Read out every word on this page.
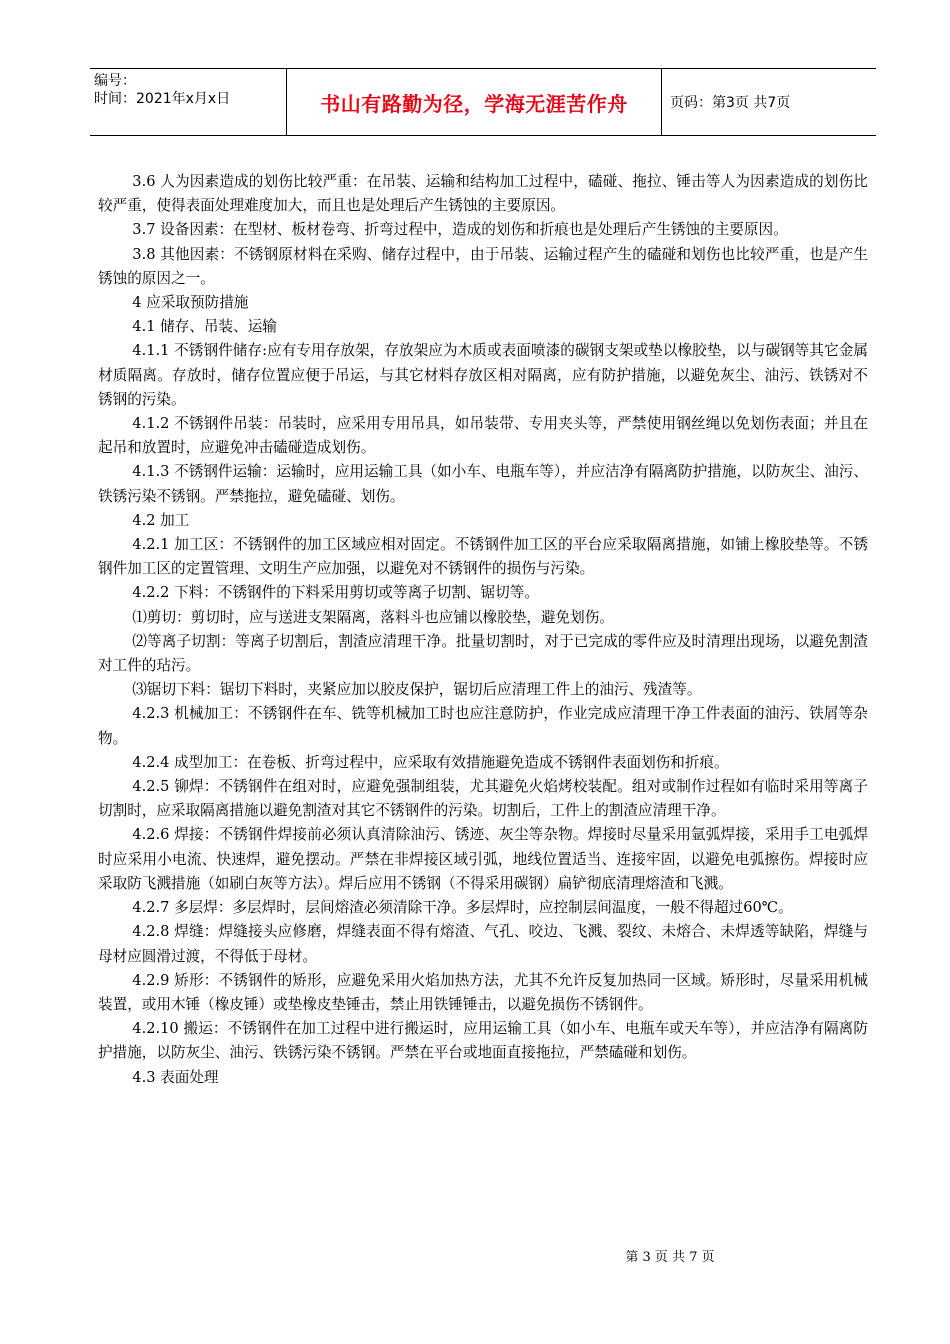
编号：
时间：2021年x月x日	书山有路勤为径，学海无涯苦作舟	页码：第3页 共7页

3.6 人为因素造成的划伤比较严重：在吊装、运输和结构加工过程中，磕碰、拖拉、锤击等人为因素造成的划伤比较严重，使得表面处理难度加大，而且也是处理后产生锈蚀的主要原因。

3.7 设备因素：在型材、板材卷弯、折弯过程中，造成的划伤和折痕也是处理后产生锈蚀的主要原因。

3.8 其他因素：不锈钢原材料在采购、储存过程中，由于吊装、运输过程产生的磕碰和划伤也比较严重，也是产生锈蚀的原因之一。

4 应采取预防措施

4.1 储存、吊装、运输

4.1.1 不锈钢件储存:应有专用存放架，存放架应为木质或表面喷漆的碳钢支架或垫以橡胶垫，以与碳钢等其它金属材质隔离。存放时，储存位置应便于吊运，与其它材料存放区相对隔离，应有防护措施，以避免灰尘、油污、铁锈对不锈钢的污染。

4.1.2 不锈钢件吊装：吊装时，应采用专用吊具，如吊装带、专用夹头等，严禁使用钢丝绳以免划伤表面；并且在起吊和放置时，应避免冲击磕碰造成划伤。

4.1.3 不锈钢件运输：运输时，应用运输工具（如小车、电瓶车等），并应洁净有隔离防护措施，以防灰尘、油污、铁锈污染不锈钢。严禁拖拉，避免磕碰、划伤。

4.2 加工

4.2.1 加工区：不锈钢件的加工区域应相对固定。不锈钢件加工区的平台应采取隔离措施，如铺上橡胶垫等。不锈钢件加工区的定置管理、文明生产应加强，以避免对不锈钢件的损伤与污染。

4.2.2 下料：不锈钢件的下料采用剪切或等离子切割、锯切等。

⑴剪切：剪切时，应与送进支架隔离，落料斗也应铺以橡胶垫，避免划伤。

⑵等离子切割：等离子切割后，割渣应清理干净。批量切割时，对于已完成的零件应及时清理出现场，以避免割渣对工件的玷污。

⑶锯切下料：锯切下料时，夹紧应加以胶皮保护，锯切后应清理工件上的油污、残渣等。

4.2.3 机械加工：不锈钢件在车、铣等机械加工时也应注意防护，作业完成应清理干净工件表面的油污、铁屑等杂物。

4.2.4 成型加工：在卷板、折弯过程中，应采取有效措施避免造成不锈钢件表面划伤和折痕。

4.2.5 铆焊：不锈钢件在组对时，应避免强制组装，尤其避免火焰烤校装配。组对或制作过程如有临时采用等离子切割时，应采取隔离措施以避免割渣对其它不锈钢件的污染。切割后，工件上的割渣应清理干净。

4.2.6 焊接：不锈钢件焊接前必须认真清除油污、锈迹、灰尘等杂物。焊接时尽量采用氩弧焊接，采用手工电弧焊时应采用小电流、快速焊，避免摆动。严禁在非焊接区域引弧，地线位置适当、连接牢固，以避免电弧擦伤。焊接时应采取防飞溅措施（如刷白灰等方法）。焊后应用不锈钢（不得采用碳钢）扁铲彻底清理熔渣和飞溅。

4.2.7 多层焊：多层焊时，层间熔渣必须清除干净。多层焊时，应控制层间温度，一般不得超过60℃。

4.2.8 焊缝：焊缝接头应修磨，焊缝表面不得有熔渣、气孔、咬边、飞溅、裂纹、未熔合、未焊透等缺陷，焊缝与母材应圆滑过渡，不得低于母材。

4.2.9 矫形：不锈钢件的矫形，应避免采用火焰加热方法，尤其不允许反复加热同一区域。矫形时，尽量采用机械装置，或用木锤（橡皮锤）或垫橡皮垫锤击，禁止用铁锤锤击，以避免损伤不锈钢件。

4.2.10 搬运：不锈钢件在加工过程中进行搬运时，应用运输工具（如小车、电瓶车或天车等），并应洁净有隔离防护措施，以防灰尘、油污、铁锈污染不锈钢。严禁在平台或地面直接拖拉，严禁磕碰和划伤。

4.3 表面处理

第 3 页 共 7 页
